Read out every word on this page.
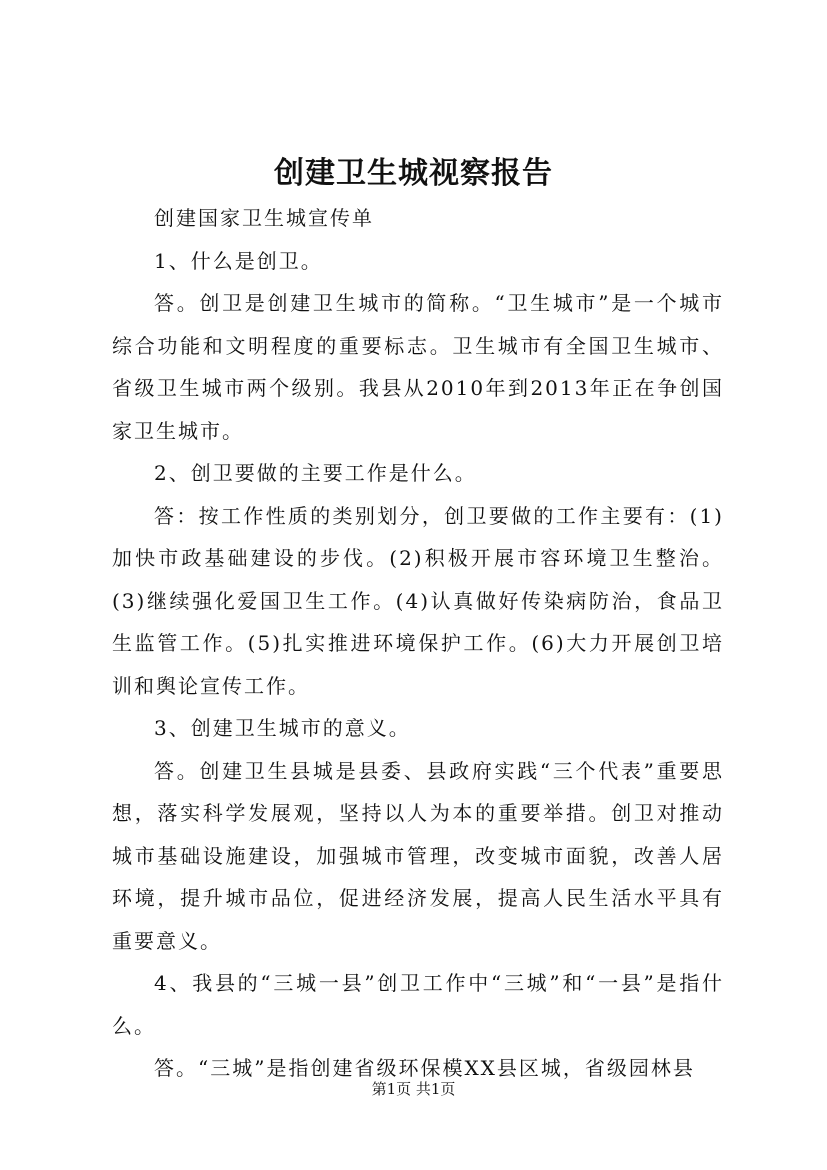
创建卫生城视察报告

创建国家卫生城宣传单

1、什么是创卫。

答。创卫是创建卫生城市的简称。“卫生城市”是一个城市综合功能和文明程度的重要标志。卫生城市有全国卫生城市、省级卫生城市两个级别。我县从2010年到2013年正在争创国家卫生城市。

2、创卫要做的主要工作是什么。

答：按工作性质的类别划分，创卫要做的工作主要有：(1)加快市政基础建设的步伐。(2)积极开展市容环境卫生整治。(3)继续强化爱国卫生工作。(4)认真做好传染病防治，食品卫生监管工作。(5)扎实推进环境保护工作。(6)大力开展创卫培训和舆论宣传工作。

3、创建卫生城市的意义。

答。创建卫生县城是县委、县政府实践“三个代表”重要思想，落实科学发展观，坚持以人为本的重要举措。创卫对推动城市基础设施建设，加强城市管理，改变城市面貌，改善人居环境，提升城市品位，促进经济发展，提高人民生活水平具有重要意义。

4、我县的“三城一县”创卫工作中“三城”和“一县”是指什么。

答。“三城”是指创建省级环保模XX县区城，省级园林县

第1页 共1页
